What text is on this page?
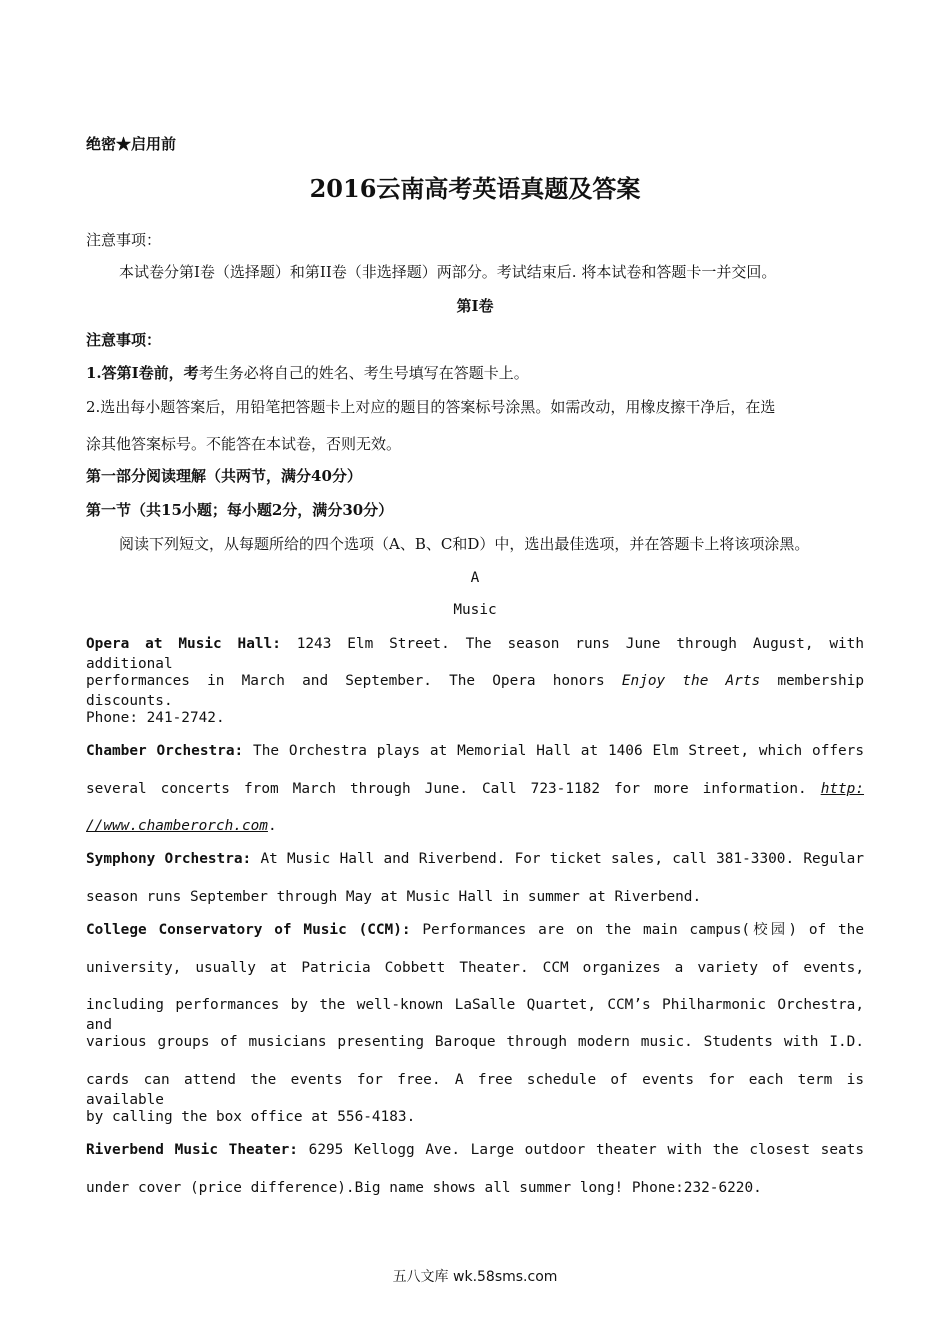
绝密★启用前
2016云南高考英语真题及答案
注意事项：
本试卷分第Ⅰ卷（选择题）和第II卷（非选择题）两部分。考试结束后. 将本试卷和答题卡一并交回。
第Ⅰ卷
注意事项：
1.答第Ⅰ卷前，考考生务必将自己的姓名、考生号填写在答题卡上。
2.选出每小题答案后，用铅笔把答题卡上对应的题目的答案标号涂黑。如需改动，用橡皮擦干净后，在选
涂其他答案标号。不能答在本试卷，否则无效。
第一部分阅读理解（共两节，满分40分）
第一节（共15小题；每小题2分，满分30分）
阅读下列短文，从每题所给的四个选项（A、B、C和D）中，选出最佳选项，并在答题卡上将该项涂黑。
A
Music
Opera at Music Hall: 1243 Elm Street. The season runs June through August, with additional
performances in March and September. The Opera honors Enjoy the Arts membership discounts.
Phone: 241-2742.
Chamber Orchestra: The Orchestra plays at Memorial Hall at 1406 Elm Street, which offers
several concerts from March through June. Call 723-1182 for more information. http:
//www.chamberorch.com.
Symphony Orchestra: At Music Hall and Riverbend. For ticket sales, call 381-3300. Regular
season runs September through May at Music Hall in summer at Riverbend.
College Conservatory of Music (CCM): Performances are on the main campus(校园) of the
university, usually at Patricia Cobbett Theater. CCM organizes a variety of events,
including performances by the well-known LaSalle Quartet, CCM’s Philharmonic Orchestra, and
various groups of musicians presenting Baroque through modern music. Students with I.D.
cards can attend the events for free. A free schedule of events for each term is available
by calling the box office at 556-4183.
Riverbend Music Theater: 6295 Kellogg Ave. Large outdoor theater with the closest seats
under cover (price difference).Big name shows all summer long! Phone:232-6220.
五八文库 wk.58sms.com
